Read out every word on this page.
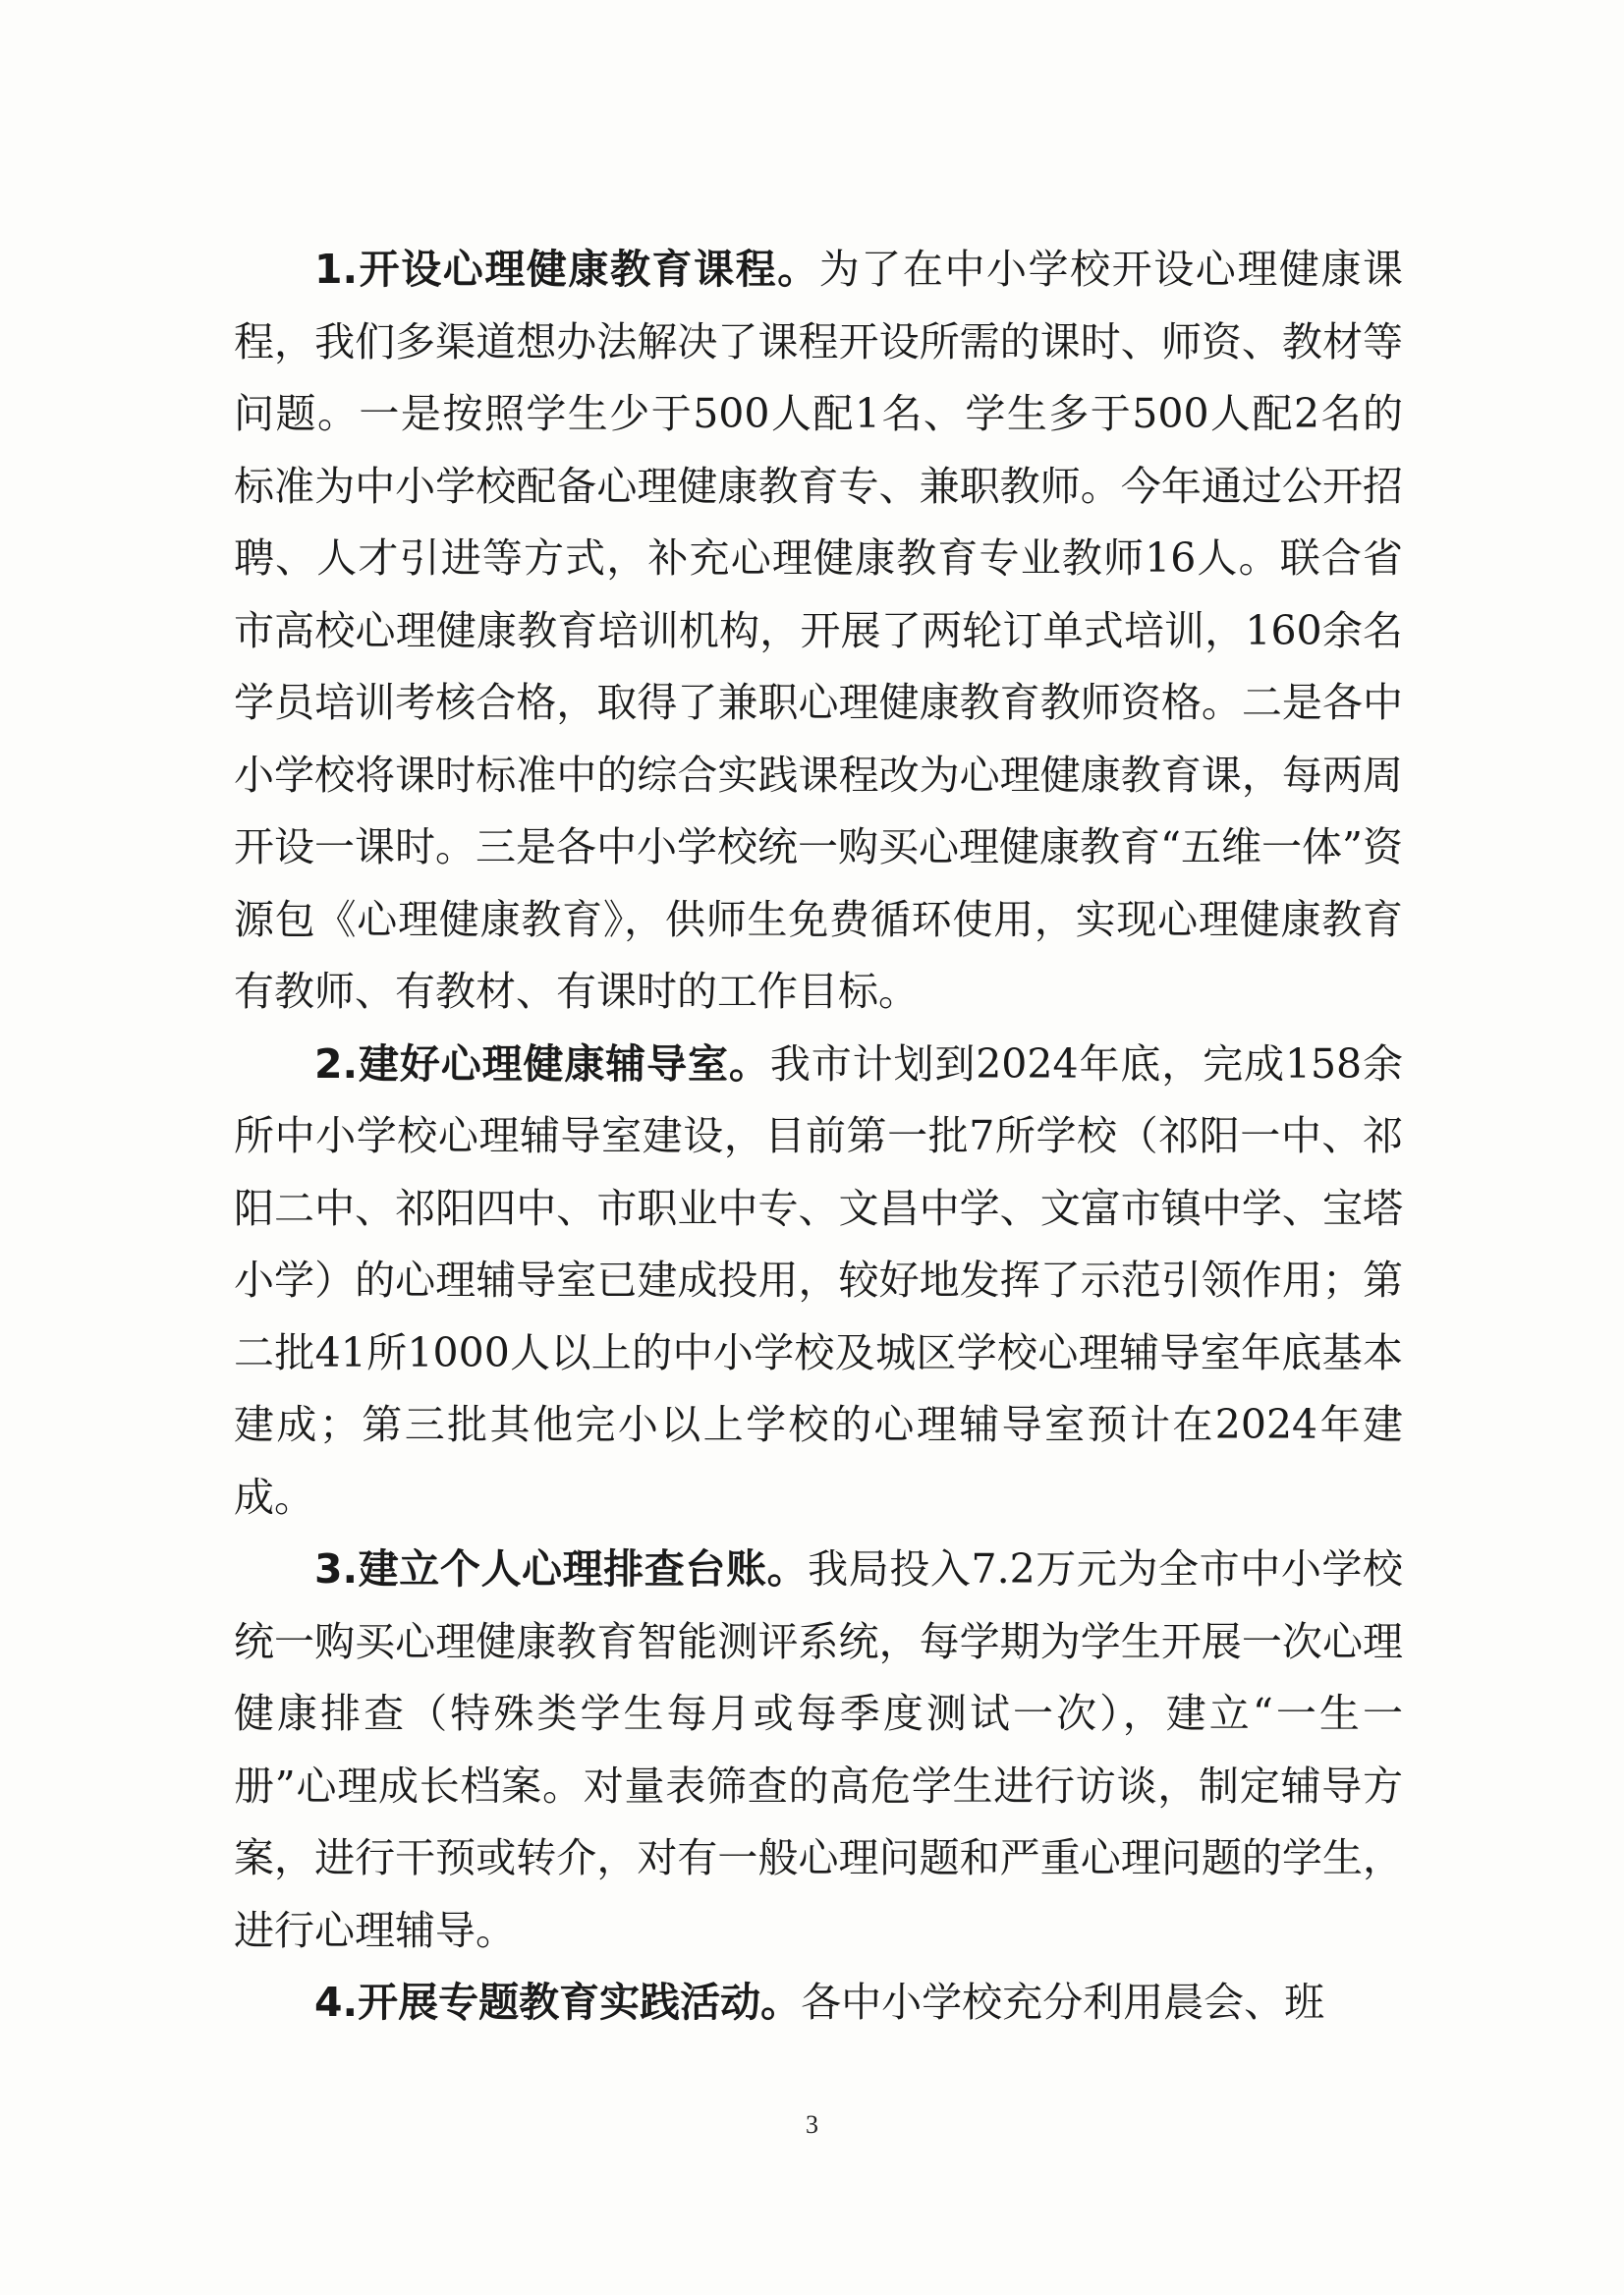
1.开设心理健康教育课程。为了在中小学校开设心理健康课程，我们多渠道想办法解决了课程开设所需的课时、师资、教材等问题。一是按照学生少于500人配1名、学生多于500人配2名的标准为中小学校配备心理健康教育专、兼职教师。今年通过公开招聘、人才引进等方式，补充心理健康教育专业教师16人。联合省市高校心理健康教育培训机构，开展了两轮订单式培训，160余名学员培训考核合格，取得了兼职心理健康教育教师资格。二是各中小学校将课时标准中的综合实践课程改为心理健康教育课，每两周开设一课时。三是各中小学校统一购买心理健康教育“五维一体”资源包《心理健康教育》，供师生免费循环使用，实现心理健康教育有教师、有教材、有课时的工作目标。

2.建好心理健康辅导室。我市计划到2024年底，完成158余所中小学校心理辅导室建设，目前第一批7所学校（祁阳一中、祁阳二中、祁阳四中、市职业中专、文昌中学、文富市镇中学、宝塔小学）的心理辅导室已建成投用，较好地发挥了示范引领作用；第二批41所1000人以上的中小学校及城区学校心理辅导室年底基本建成；第三批其他完小以上学校的心理辅导室预计在2024年建成。

3.建立个人心理排查台账。我局投入7.2万元为全市中小学校统一购买心理健康教育智能测评系统，每学期为学生开展一次心理健康排查（特殊类学生每月或每季度测试一次），建立“一生一册”心理成长档案。对量表筛查的高危学生进行访谈，制定辅导方案，进行干预或转介，对有一般心理问题和严重心理问题的学生，进行心理辅导。

4.开展专题教育实践活动。各中小学校充分利用晨会、班

3
